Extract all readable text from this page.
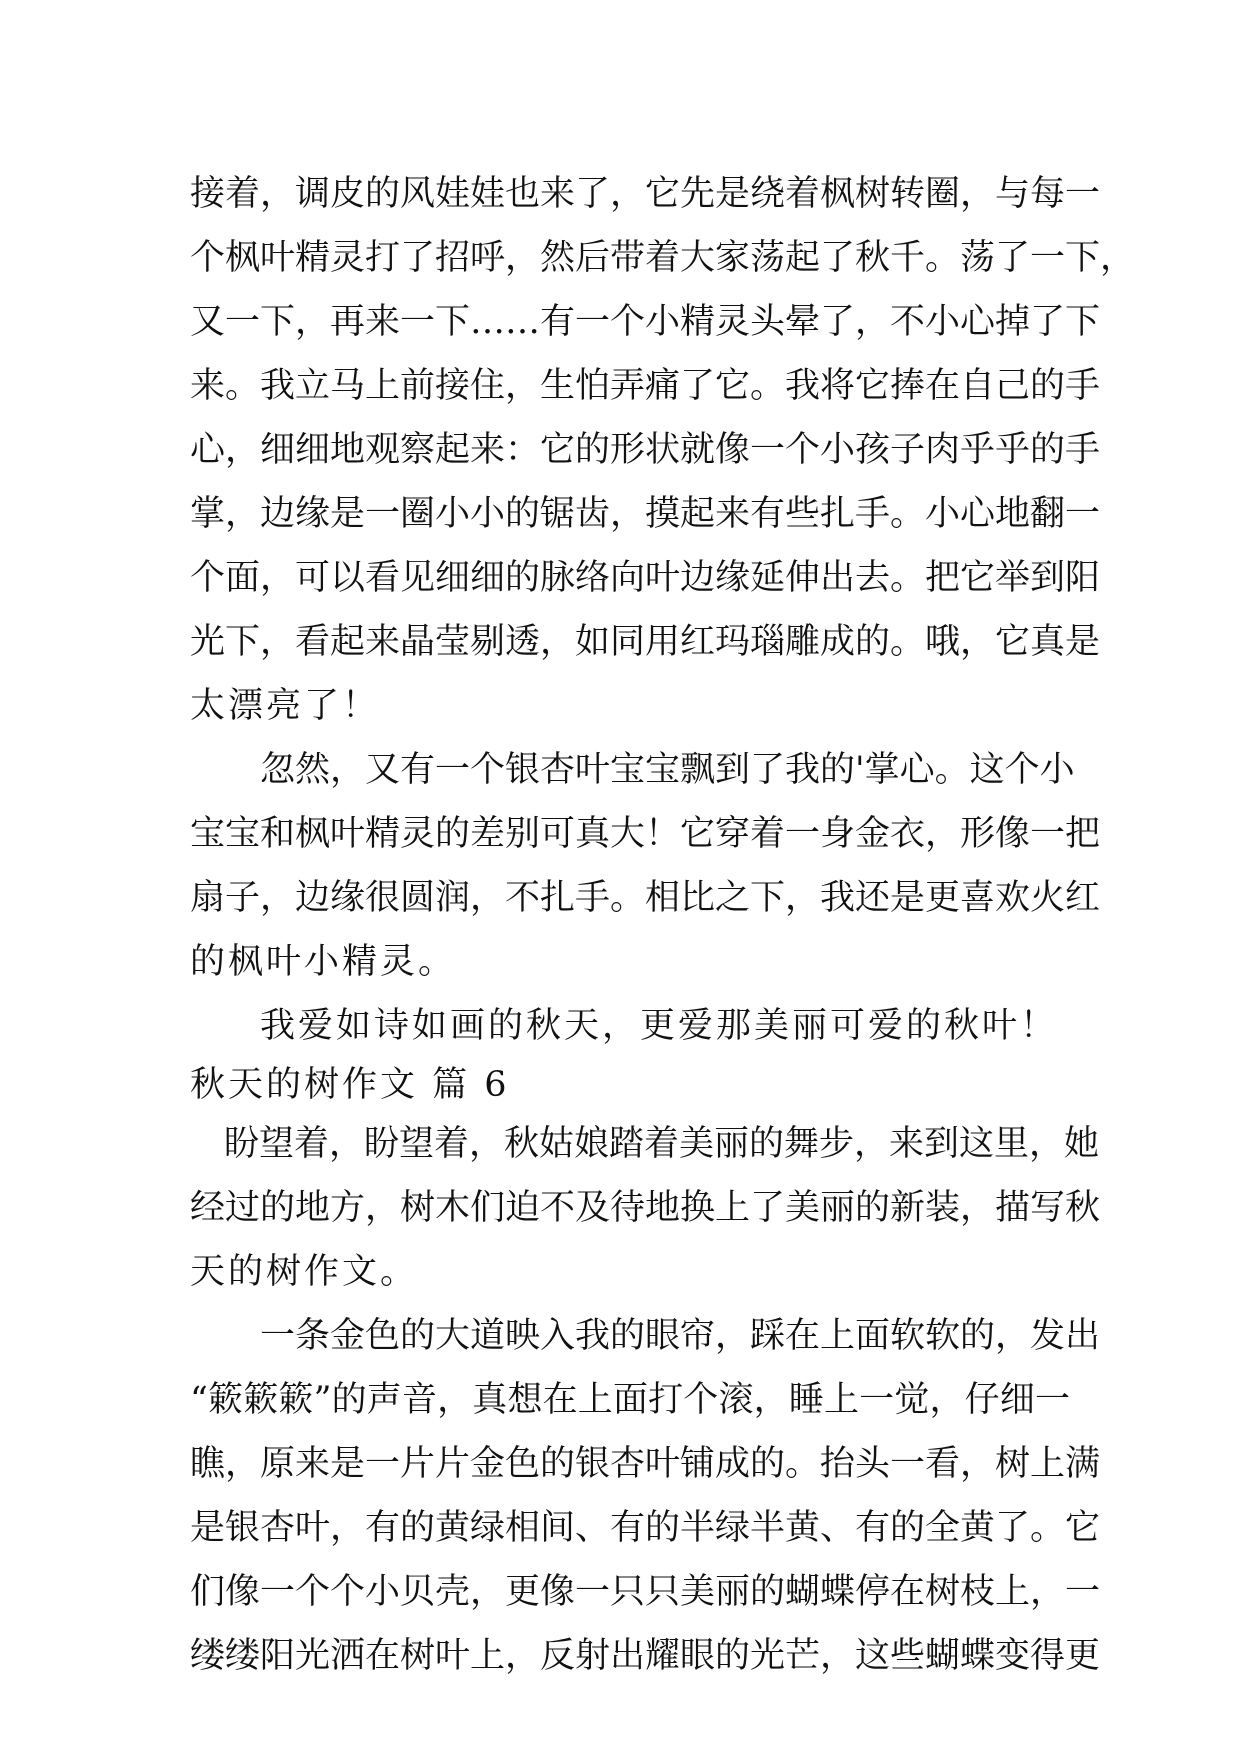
接着，调皮的风娃娃也来了，它先是绕着枫树转圈，与每一
个枫叶精灵打了招呼，然后带着大家荡起了秋千。荡了一下，
又一下，再来一下……有一个小精灵头晕了，不小心掉了下
来。我立马上前接住，生怕弄痛了它。我将它捧在自己的手
心，细细地观察起来：它的形状就像一个小孩子肉乎乎的手
掌，边缘是一圈小小的锯齿，摸起来有些扎手。小心地翻一
个面，可以看见细细的脉络向叶边缘延伸出去。把它举到阳
光下，看起来晶莹剔透，如同用红玛瑙雕成的。哦，它真是
太漂亮了！
忽然，又有一个银杏叶宝宝飘到了我的'掌心。这个小
宝宝和枫叶精灵的差别可真大！它穿着一身金衣，形像一把
扇子，边缘很圆润，不扎手。相比之下，我还是更喜欢火红
的枫叶小精灵。
我爱如诗如画的秋天，更爱那美丽可爱的秋叶！
秋天的树作文 篇 6
盼望着，盼望着，秋姑娘踏着美丽的舞步，来到这里，她
经过的地方，树木们迫不及待地换上了美丽的新装，描写秋
天的树作文。
一条金色的大道映入我的眼帘，踩在上面软软的，发出
“簌簌簌”的声音，真想在上面打个滚，睡上一觉，仔细一
瞧，原来是一片片金色的银杏叶铺成的。抬头一看，树上满
是银杏叶，有的黄绿相间、有的半绿半黄、有的全黄了。它
们像一个个小贝壳，更像一只只美丽的蝴蝶停在树枝上，一
缕缕阳光洒在树叶上，反射出耀眼的光芒，这些蝴蝶变得更
